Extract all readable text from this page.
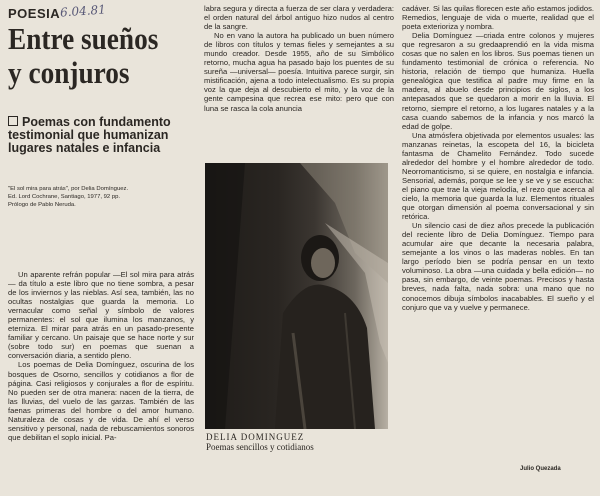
POESIA 6.04.81
Entre sueños
y conjuros
Poemas con fundamento testimonial que humanizan lugares natales e infancia
"El sol mira para atrás", por Delia Domínguez.
Ed. Lord Cochrane, Santiago, 1977, 92 pp.
Prólogo de Pablo Neruda.

Un aparente refrán popular —El sol mira para atrás— da título a este libro que no tiene sombra, a pesar de los inviernos y las nieblas. Así sea, también, las no ocultas nostalgias que guarda la memoria. Lo vernacular como señal y símbolo de valores permanentes: el sol que ilumina los manzanos, y eterniza. El mirar para atrás en un pasado-presente familiar y cercano. Un paisaje que se hace norte y sur (sobre todo sur) en poemas que suenan a conversación diaria, a sentido pleno.

Los poemas de Delia Domínguez, oscurina de los bosques de Osorno, sencillos y cotidianos a flor de página. Casi religiosos y conjurales a flor de espíritu. No pueden ser de otra manera: nacen de la tierra, de las lluvias, del vuelo de las garzas. También de las faenas primeras del hombre o del amor humano. Naturaleza de cosas y de vida. De ahí el verso sensitivo y personal, nada de rebuscamientos sonoros que debilitan el soplo inicial. Pa-

labra segura y directa a fuerza de ser clara y verdadera: el orden natural del árbol antiguo hizo nudos al centro de la sangre.

No en vano la autora ha publicado un buen número de libros con títulos y temas fieles y semejantes a su mundo creador. Desde 1955, año de su Simbólico retorno, mucha agua ha pasado bajo los puentes de su sureña —universal— poesía. Intuitiva parece surgir, sin mistificación, ajena a todo intelectualismo. Es su propia voz la que deja al descubierto el mito, y la voz de la gente campesina que recrea ese mito: pero que con luna se rasca la cola anuncia

DELIA DOMINGUEZ
Poemas sencillos y cotidianos

cadáver. Si las quilas florecen este año estamos jodidos. Remedios, lenguaje de vida o muerte, realidad que el poeta exterioriza y nombra.

Delia Domínguez —criada entre colonos y mujeres que regresaron a su gredaaprendió en la vida misma cosas que no salen en los libros. Sus poemas tienen un fundamento testimonial de crónica o referencia. No historia, relación de tiempo que humaniza. Huella genealógica que testifica al padre muy firme en la madera, al abuelo desde principios de siglos, a los antepasados que se quedaron a morir en la lluvia. El retorno, siempre el retorno, a los lugares natales y a la casa cuando sabemos de la infancia y nos marcó la edad de golpe.

Una atmósfera objetivada por elementos usuales: las manzanas reinetas, la escopeta del 16, la bicicleta fantasma de Chamelito Fernández. Todo sucede alrededor del hombre y el hombre alrededor de todo. Neorromanticismo, si se quiere, en nostalgia e infancia. Sensorial, además, porque se lee y se ve y se escucha: el piano que trae la vieja melodía, el rezo que acerca al cielo, la memoria que guarda la luz. Elementos rituales que otorgan dimensión al poema conversacional y sin retórica.

Un silencio casi de diez años precede la publicación del reciente libro de Delia Domínguez. Tiempo para acumular aire que decante la necesaria palabra, semejante a los vinos o las maderas nobles. En tan largo período bien se podría pensar en un texto voluminoso. La obra —una cuidada y bella edición— no pasa, sin embargo, de veinte poemas. Precisos y hasta breves, nada falta, nada sobra: una mano que no conocemos dibuja símbolos inacabables. El sueño y el conjuro que va y vuelve y permanece.

Julio Quezada
